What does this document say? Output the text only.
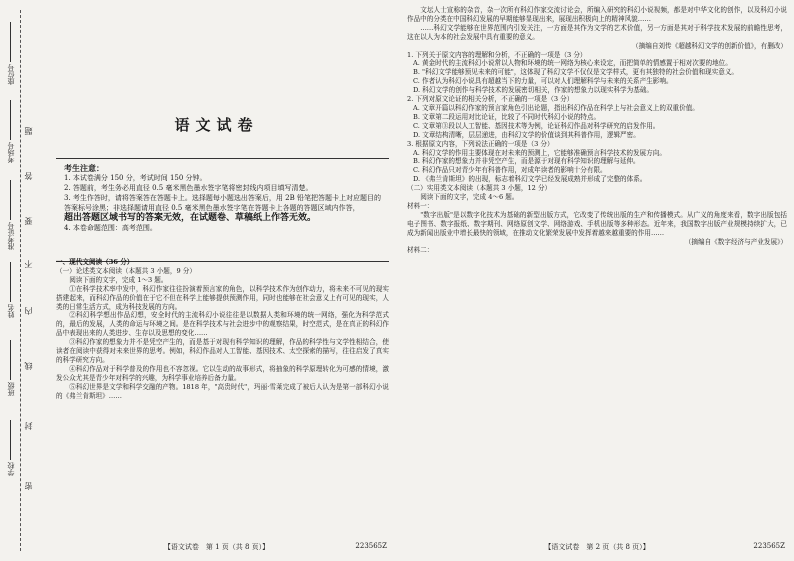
学校
班级
姓名
准考证号
考场号
座位号
密
封
线
内
不
要
答
题	语文试卷
考生注意：
1. 本试卷满分 150 分，考试时间 150 分钟。
2. 答题前，考生务必用直径 0.5 毫米黑色墨水签字笔将密封线内项目填写清楚。
3. 考生作答时，请将答案答在答题卡上。选择题每小题选出答案后，用 2B 铅笔把答题卡上对应题目的答案标号涂黑；非选择题请用直径 0.5 毫米黑色墨水签字笔在答题卡上各题的答题区域内作答，
超出答题区域书写的答案无效，在试题卷、草稿纸上作答无效。
4. 本卷命题范围：高考范围。

一、现代文阅读（36 分）

（一）论述类文本阅读（本题共 3 小题，9 分）

阅读下面的文字，完成 1～3 题。

①在科学技术率中发中，科幻作家往往扮演着预言家的角色，以科学技术作为创作动力，将未来不可见的现实搭建起来，而科幻作品的价值在于它不但在科学上能够提供预测作用，同时也能够在社会意义上有可见的现实，人类的日常生活方式，成为科技发展的方向。

②科幻科学想出作品幻想，安全时代的主流科幻小说往往是以数据人类和环境的统一网络，强化为科学范式的，最后的发展，人类的命运与环境之间。是在科学技术与社会进步中的观察结果，时空范式，是在真正的科幻作品中表现出来的人类进步、生存以及思想的变化……

③科幻作家的想象力并不是凭空产生的，而是基于对现有科学知识的理解，作品的科学性与文学性相结合，使读者在阅读中获得对未来世界的思考。例如，科幻作品对人工智能、基因技术、太空探索的描写，往往启发了真实的科学研究方向。

④科幻作品对于科学普及的作用也不容忽视。它以生动的故事形式，将抽象的科学原理转化为可感的情境，激发公众尤其是青少年对科学的兴趣，为科学事业培养后备力量。

⑤科幻世界是文学和科学交融的产物。1818 年，"高贵时代"，玛丽·雪莱完成了被后人认为是第一部科幻小说的《弗兰肯斯坦》……

【语文试卷　第 1 页（共 8 页）】	223565Z

文坛人士宣称的杂音，杂一次所有科幻作家交流讨论会，所编入研究的科幻小说视频，都是对中华文化的创作，以及科幻小说作品中的分类在中国科幻发展的早期能够显现出来，展现出积极向上的精神风貌……

……科幻文学能够在世界范围内引发关注，一方面是其作为文学的艺术价值，另一方面是其对于科学技术发展的前瞻性思考，这在以人为本的社会发展中具有重要的意义。

（摘编自刘传《超越科幻文学的创新价值》，有删改）

1. 下列关于原文内容的理解和分析，不正确的一项是（3 分）

A. 黄金时代的主流科幻小说常以人物和环境的统一网络为核心来设定，而把简单的情感置于相对次要的地位。

B. "科幻文学能够预见未来的可能"，这体现了科幻文学不仅仅是文学样式，更有其独特的社会价值和现实意义。

C. 作者认为科幻小说具有超越当下的力量，可以对人们理解科学与未来的关系产生影响。

D. 科幻文学的创作与科学技术的发展密切相关，作家的想象力以现实科学为基础。

2. 下列对原文论证的相关分析，不正确的一项是（3 分）

A. 文章开篇以科幻作家的预言家角色引出论题，指出科幻作品在科学上与社会意义上的双重价值。

B. 文章第二段运用对比论证，比较了不同时代科幻小说的特点。

C. 文章第③段以人工智能、基因技术等为例，论证科幻作品对科学研究的启发作用。

D. 文章结构清晰，层层递进，由科幻文学的价值谈到其科普作用，逻辑严密。

3. 根据原文内容，下列说法正确的一项是（3 分）

A. 科幻文学的作用主要体现在对未来的预测上，它能够准确预言科学技术的发展方向。

B. 科幻作家的想象力并非凭空产生，而是源于对现有科学知识的理解与延伸。

C. 科幻作品只对青少年有科普作用，对成年读者的影响十分有限。

D. 《弗兰肯斯坦》的出现，标志着科幻文学已经发展成熟并形成了完整的体系。

（二）实用类文本阅读（本题共 3 小题，12 分）

阅读下面的文字，完成 4～6 题。

材料一：

"数字出版"是以数字化技术为基础的新型出版方式，它改变了传统出版的生产和传播模式。从广义的角度来看，数字出版包括电子图书、数字报纸、数字期刊、网络原创文学、网络游戏、手机出版等多种形态。近年来，我国数字出版产业规模持续扩大，已成为新闻出版业中增长最快的领域，在推动文化繁荣发展中发挥着越来越重要的作用……

（摘编自《数字经济与产业发展》）

材料二：

【语文试卷　第 2 页（共 8 页）】	223565Z
